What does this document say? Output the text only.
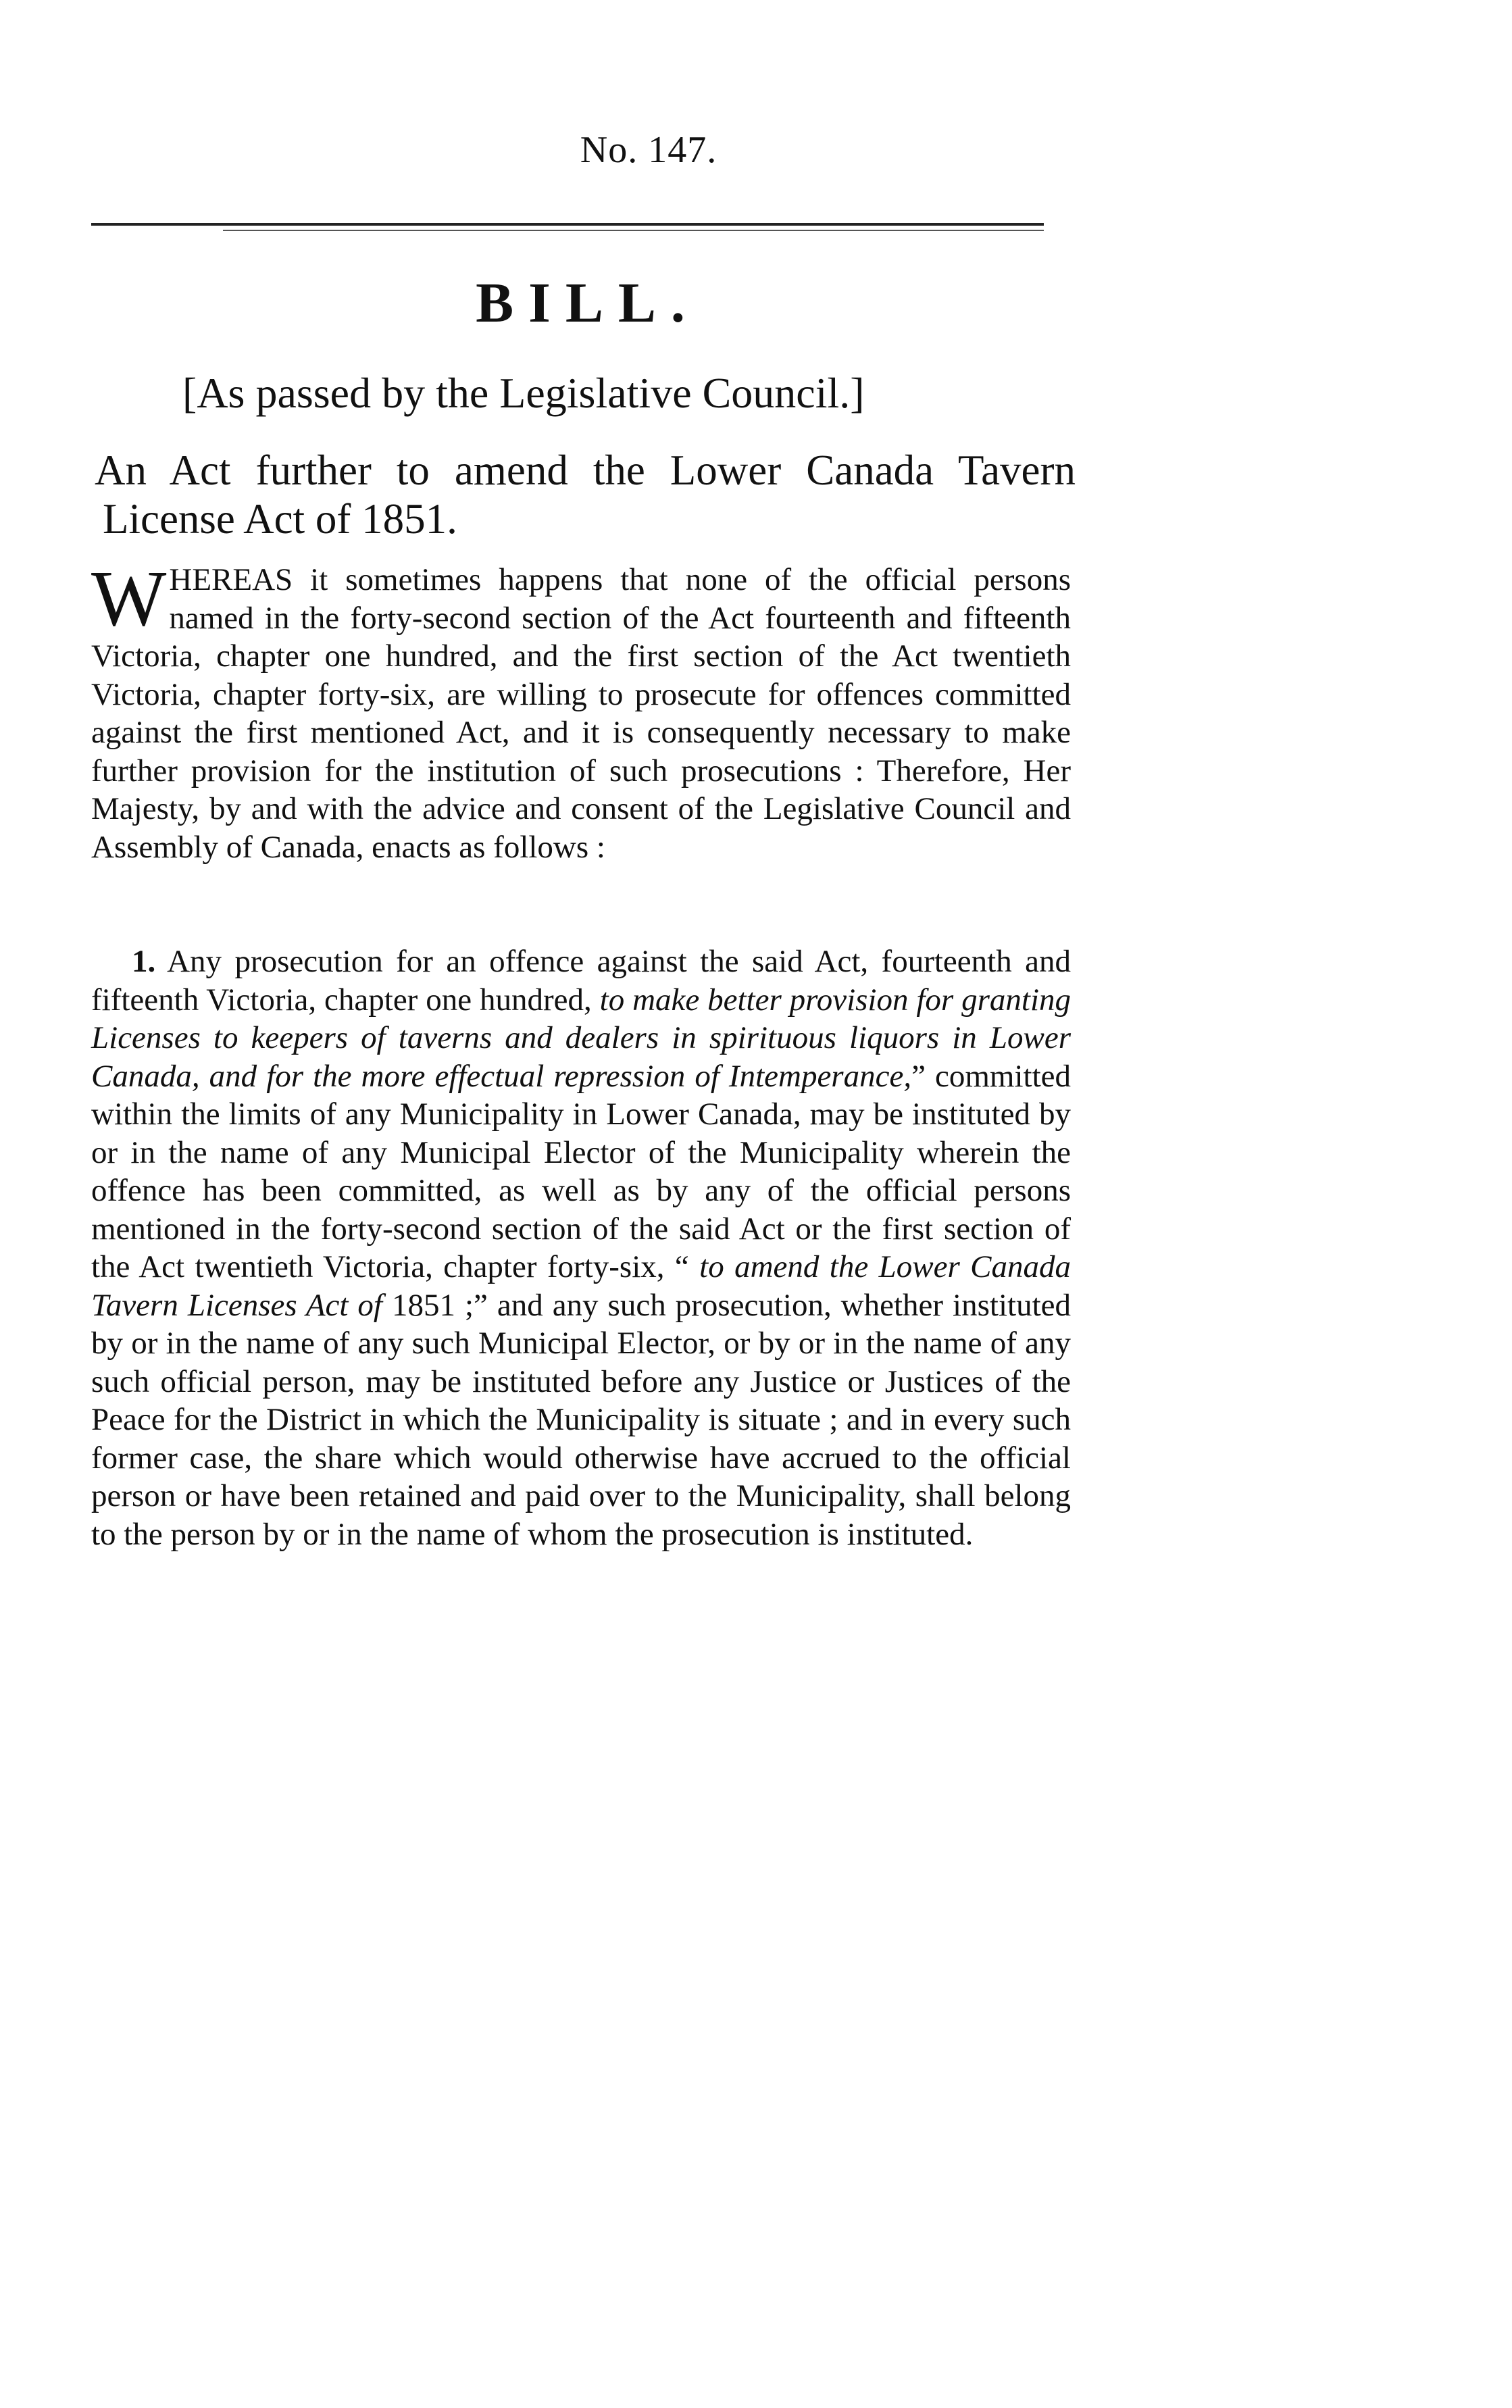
No. 147.
BILL.
[As passed by the Legislative Council.]
An Act further to amend the Lower Canada Tavern License Act of 1851.
WHEREAS it sometimes happens that none of the official persons named in the forty-second section of the Act fourteenth and fifteenth Victoria, chapter one hundred, and the first section of the Act twentieth Victoria, chapter forty-six, are willing to prosecute for offences committed against the first mentioned Act, and it is consequently necessary to make further provision for the institution of such prosecutions : Therefore, Her Majesty, by and with the advice and consent of the Legislative Council and Assembly of Canada, enacts as follows :
1. Any prosecution for an offence against the said Act, fourteenth and fifteenth Victoria, chapter one hundred, to make better provision for granting Licenses to keepers of taverns and dealers in spirituous liquors in Lower Canada, and for the more effectual repression of Intemperance,” committed within the limits of any Municipality in Lower Canada, may be instituted by or in the name of any Municipal Elector of the Municipality wherein the offence has been committed, as well as by any of the official persons mentioned in the forty-second section of the said Act or the first section of the Act twentieth Victoria, chapter forty-six, “ to amend the Lower Canada Tavern Licenses Act of 1851 ;” and any such prosecution, whether instituted by or in the name of any such Municipal Elector, or by or in the name of any such official person, may be instituted before any Justice or Justices of the Peace for the District in which the Municipality is situate ; and in every such former case, the share which would otherwise have accrued to the official person or have been retained and paid over to the Municipality, shall belong to the person by or in the name of whom the prosecution is instituted.
